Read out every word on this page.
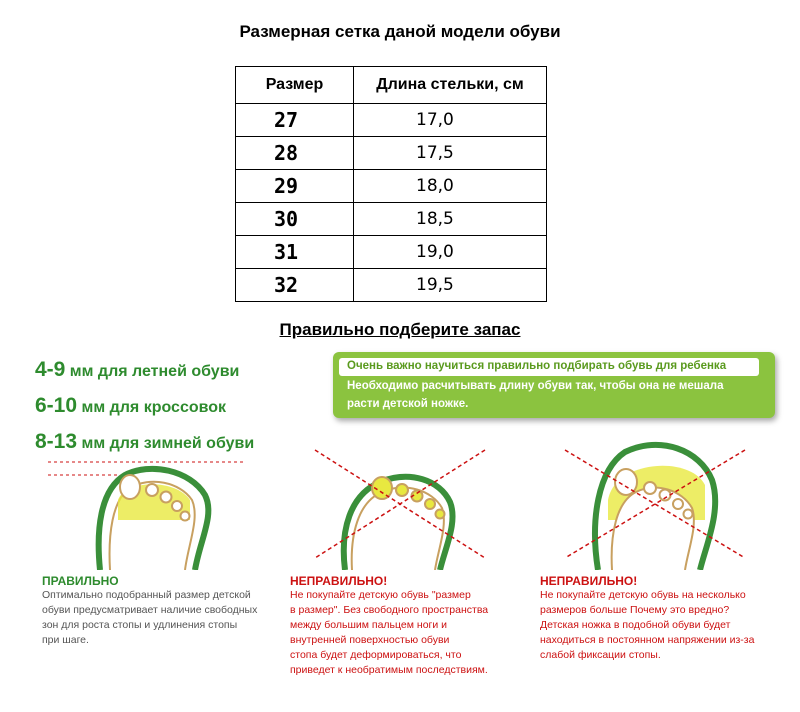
Размерная сетка даной модели обуви
Размер	Длина стельки, см
27	17,0
28	17,5
29	18,0
30	18,5
31	19,0
32	19,5
Правильно подберите запас
4-9 мм для летней обуви
6-10 мм для кроссовок
8-13 мм для зимней обуви
Очень важно научиться правильно подбирать обувь для ребенка
Необходимо расчитывать длину обуви так, чтобы она не мешала
расти детской ножке.
ПРАВИЛЬНО
Оптимально подобранный размер детской
обуви предусматривает наличие свободных
зон для роста стопы и удлинения стопы
при шаге.
НЕПРАВИЛЬНО!
Не покупайте детскую обувь "размер
в размер". Без свободного пространства
между большим пальцем ноги и
внутренней поверхностью обуви
стопа будет деформироваться, что
приведет к необратимым последствиям.
НЕПРАВИЛЬНО!
Не покупайте детскую обувь на несколько
размеров больше Почему это вредно?
Детская ножка в подобной обуви будет
находиться в постоянном напряжении из-за
слабой фиксации стопы.
